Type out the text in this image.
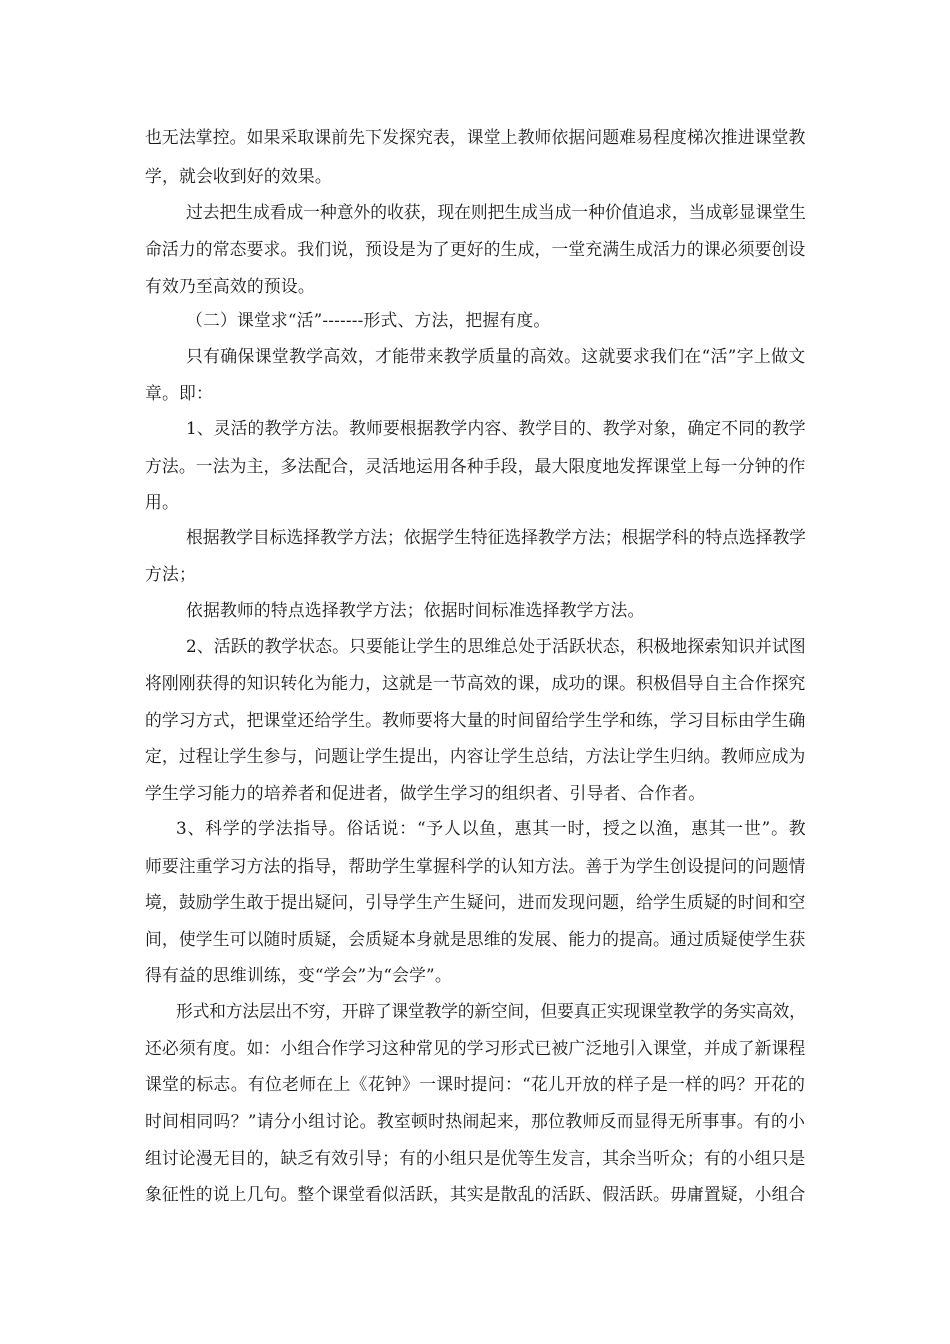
也无法掌控。如果采取课前先下发探究表，课堂上教师依据问题难易程度梯次推进课堂教
学，就会收到好的效果。
过去把生成看成一种意外的收获，现在则把生成当成一种价值追求，当成彰显课堂生
命活力的常态要求。我们说，预设是为了更好的生成，一堂充满生成活力的课必须要创设
有效乃至高效的预设。
（二）课堂求“活”-------形式、方法，把握有度。
只有确保课堂教学高效，才能带来教学质量的高效。这就要求我们在“活”字上做文
章。即：
1、灵活的教学方法。教师要根据教学内容、教学目的、教学对象，确定不同的教学
方法。一法为主，多法配合，灵活地运用各种手段，最大限度地发挥课堂上每一分钟的作
用。
根据教学目标选择教学方法；依据学生特征选择教学方法；根据学科的特点选择教学
方法；
依据教师的特点选择教学方法；依据时间标准选择教学方法。
2、活跃的教学状态。只要能让学生的思维总处于活跃状态，积极地探索知识并试图
将刚刚获得的知识转化为能力，这就是一节高效的课，成功的课。积极倡导自主合作探究
的学习方式，把课堂还给学生。教师要将大量的时间留给学生学和练，学习目标由学生确
定，过程让学生参与，问题让学生提出，内容让学生总结，方法让学生归纳。教师应成为
学生学习能力的培养者和促进者，做学生学习的组织者、引导者、合作者。
3、科学的学法指导。俗话说：“予人以鱼，惠其一时，授之以渔，惠其一世”。教
师要注重学习方法的指导，帮助学生掌握科学的认知方法。善于为学生创设提问的问题情
境，鼓励学生敢于提出疑问，引导学生产生疑问，进而发现问题，给学生质疑的时间和空
间，使学生可以随时质疑，会质疑本身就是思维的发展、能力的提高。通过质疑使学生获
得有益的思维训练，变“学会”为“会学”。
形式和方法层出不穷，开辟了课堂教学的新空间，但要真正实现课堂教学的务实高效，
还必须有度。如：小组合作学习这种常见的学习形式已被广泛地引入课堂，并成了新课程
课堂的标志。有位老师在上《花钟》一课时提问：“花儿开放的样子是一样的吗？开花的
时间相同吗？”请分小组讨论。教室顿时热闹起来，那位教师反而显得无所事事。有的小
组讨论漫无目的，缺乏有效引导；有的小组只是优等生发言，其余当听众；有的小组只是
象征性的说上几句。整个课堂看似活跃，其实是散乱的活跃、假活跃。毋庸置疑，小组合
